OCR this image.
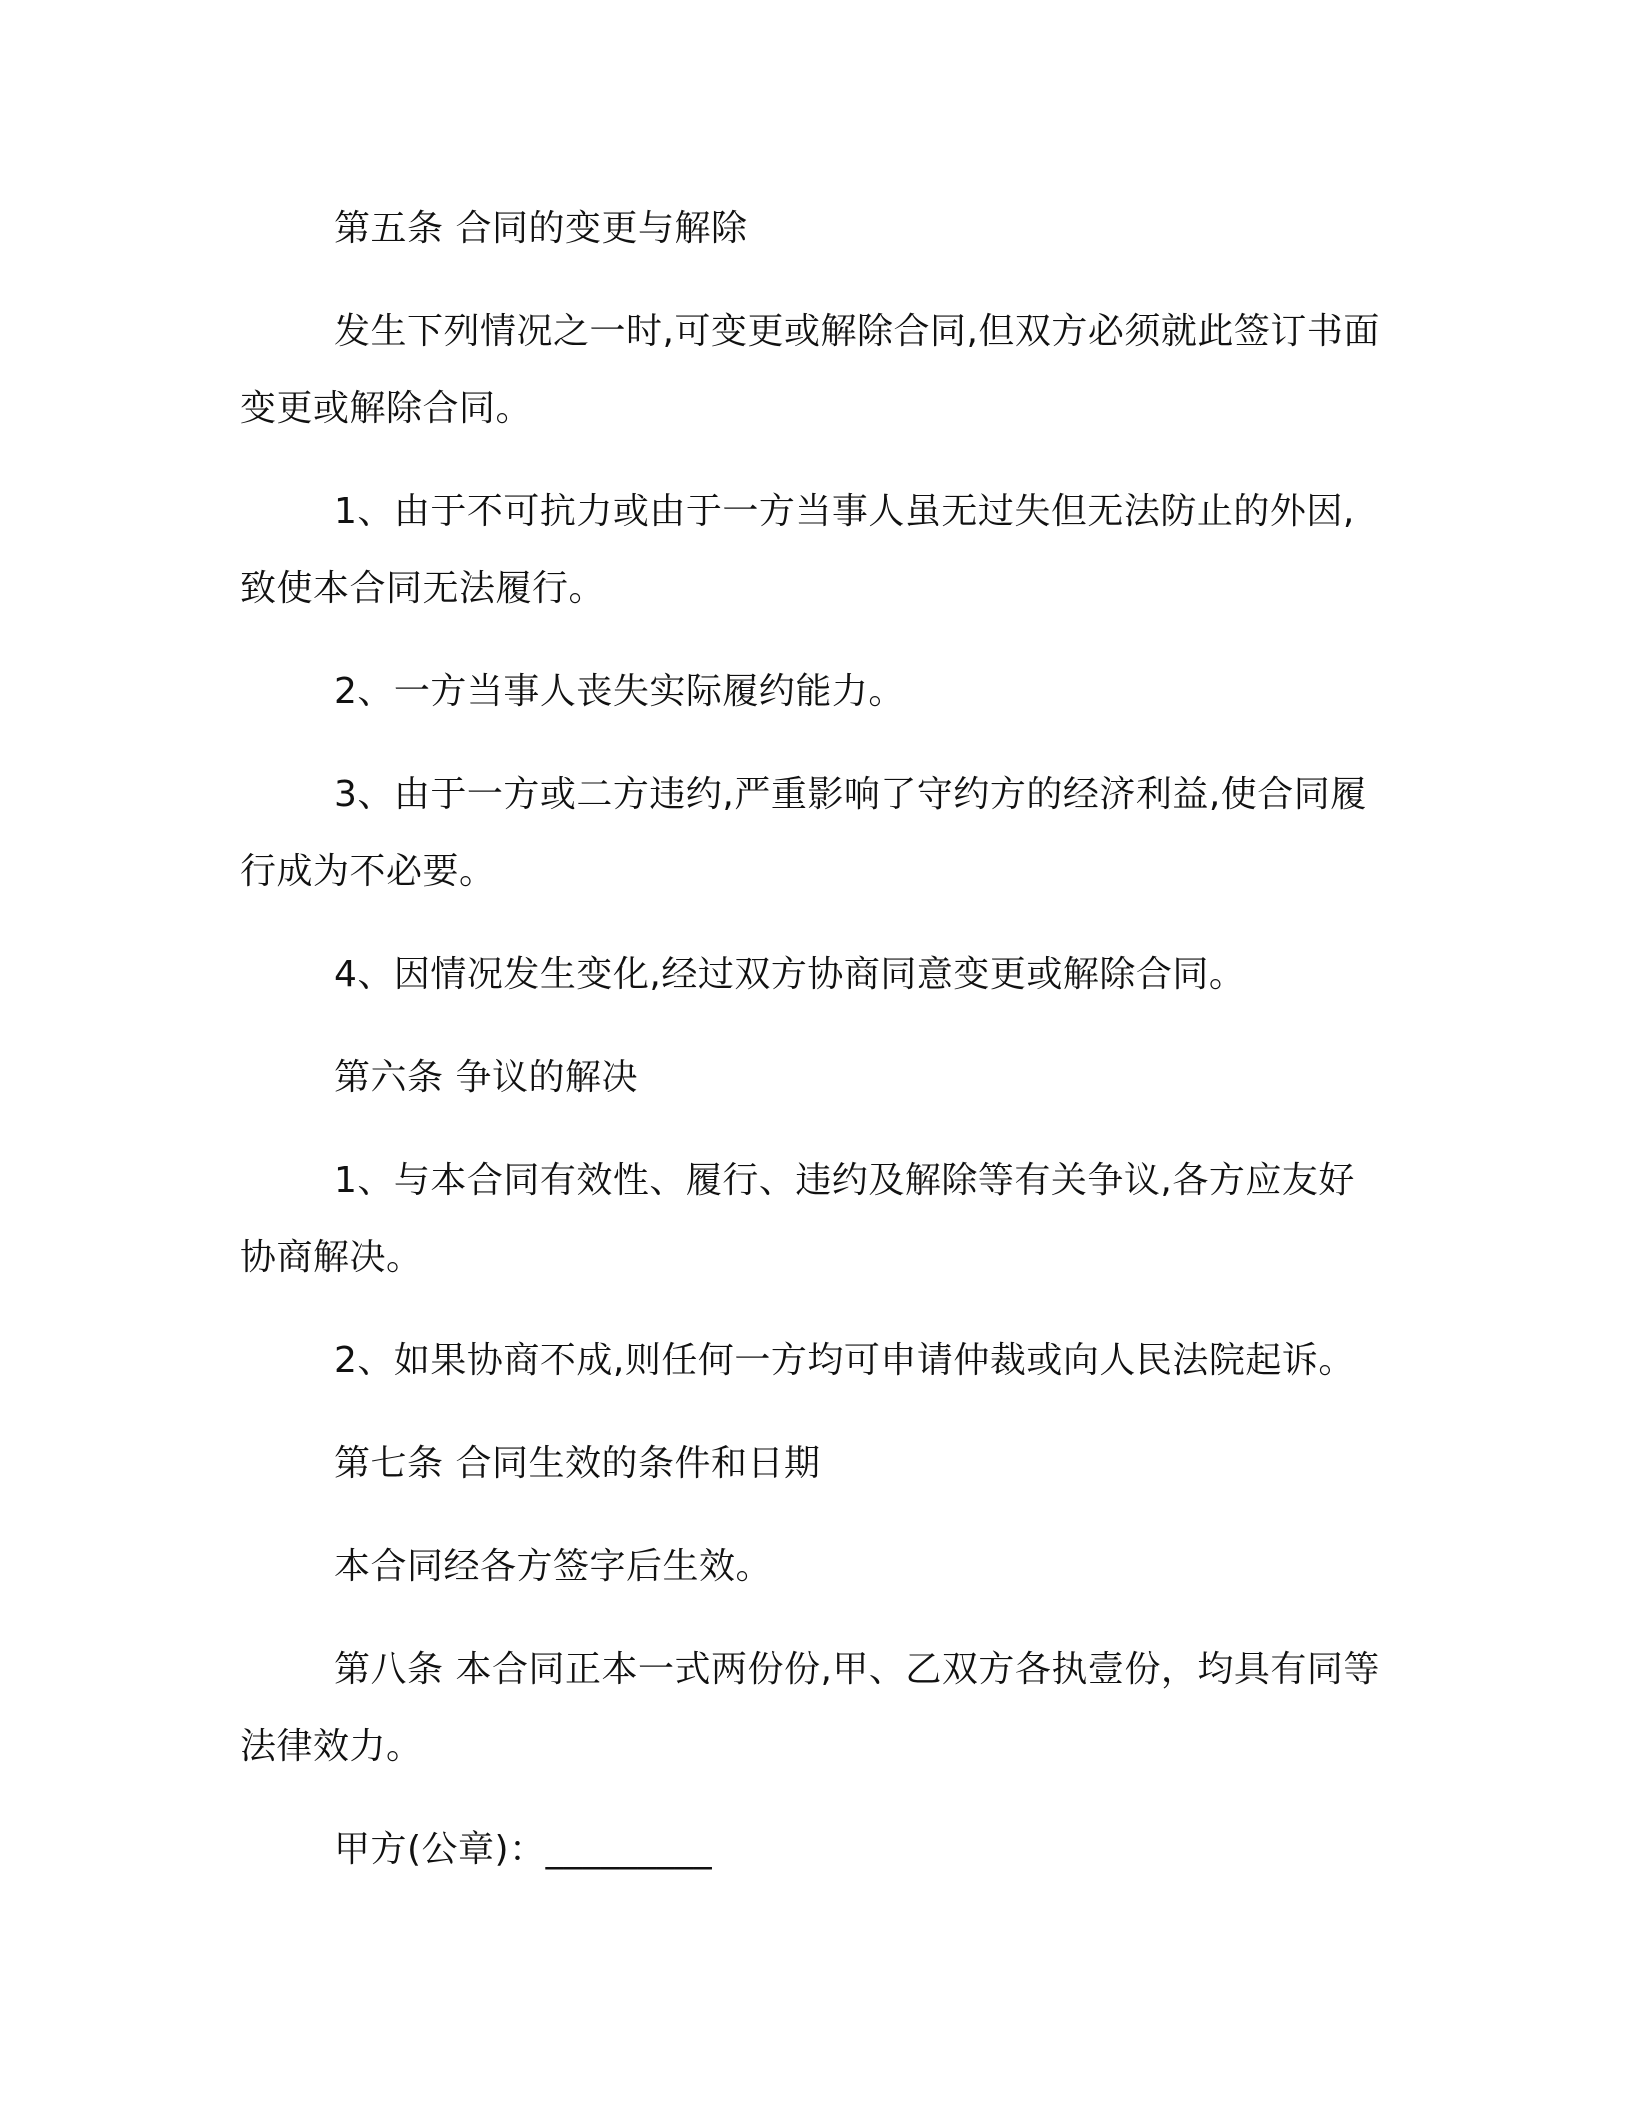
第五条 合同的变更与解除

发生下列情况之一时,可变更或解除合同,但双方必须就此签订书面变更或解除合同。

1、由于不可抗力或由于一方当事人虽无过失但无法防止的外因,致使本合同无法履行。

2、一方当事人丧失实际履约能力。

3、由于一方或二方违约,严重影响了守约方的经济利益,使合同履行成为不必要。

4、因情况发生变化,经过双方协商同意变更或解除合同。

第六条 争议的解决

1、与本合同有效性、履行、违约及解除等有关争议,各方应友好协商解决。

2、如果协商不成,则任何一方均可申请仲裁或向人民法院起诉。

第七条 合同生效的条件和日期

本合同经各方签字后生效。

第八条 本合同正本一式两份份,甲、乙双方各执壹份，均具有同等法律效力。

甲方(公章)：_________
